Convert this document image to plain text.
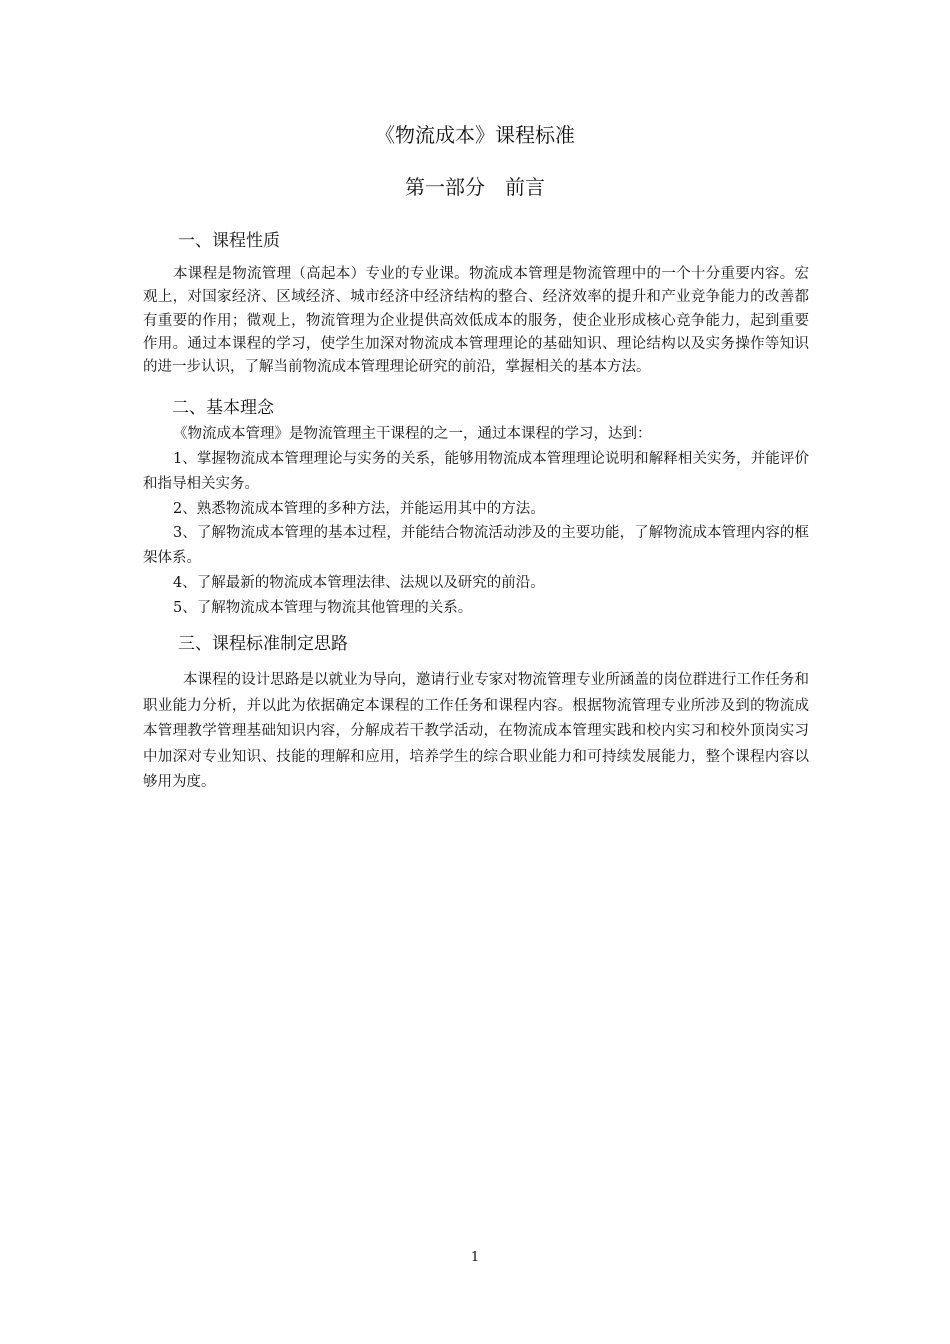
《物流成本》课程标准
第一部分　前言
一、课程性质
本课程是物流管理（高起本）专业的专业课。物流成本管理是物流管理中的一个十分重要内容。宏观上，对国家经济、区域经济、城市经济中经济结构的整合、经济效率的提升和产业竞争能力的改善都有重要的作用；微观上，物流管理为企业提供高效低成本的服务，使企业形成核心竞争能力，起到重要作用。通过本课程的学习，使学生加深对物流成本管理理论的基础知识、理论结构以及实务操作等知识的进一步认识，了解当前物流成本管理理论研究的前沿，掌握相关的基本方法。
二、基本理念
《物流成本管理》是物流管理主干课程的之一，通过本课程的学习，达到：
1、掌握物流成本管理理论与实务的关系，能够用物流成本管理理论说明和解释相关实务，并能评价和指导相关实务。
2、熟悉物流成本管理的多种方法，并能运用其中的方法。
3、了解物流成本管理的基本过程，并能结合物流活动涉及的主要功能，了解物流成本管理内容的框架体系。
4、了解最新的物流成本管理法律、法规以及研究的前沿。
5、了解物流成本管理与物流其他管理的关系。
三、课程标准制定思路
本课程的设计思路是以就业为导向，邀请行业专家对物流管理专业所涵盖的岗位群进行工作任务和职业能力分析，并以此为依据确定本课程的工作任务和课程内容。根据物流管理专业所涉及到的物流成本管理教学管理基础知识内容，分解成若干教学活动，在物流成本管理实践和校内实习和校外顶岗实习中加深对专业知识、技能的理解和应用，培养学生的综合职业能力和可持续发展能力，整个课程内容以够用为度。
1
